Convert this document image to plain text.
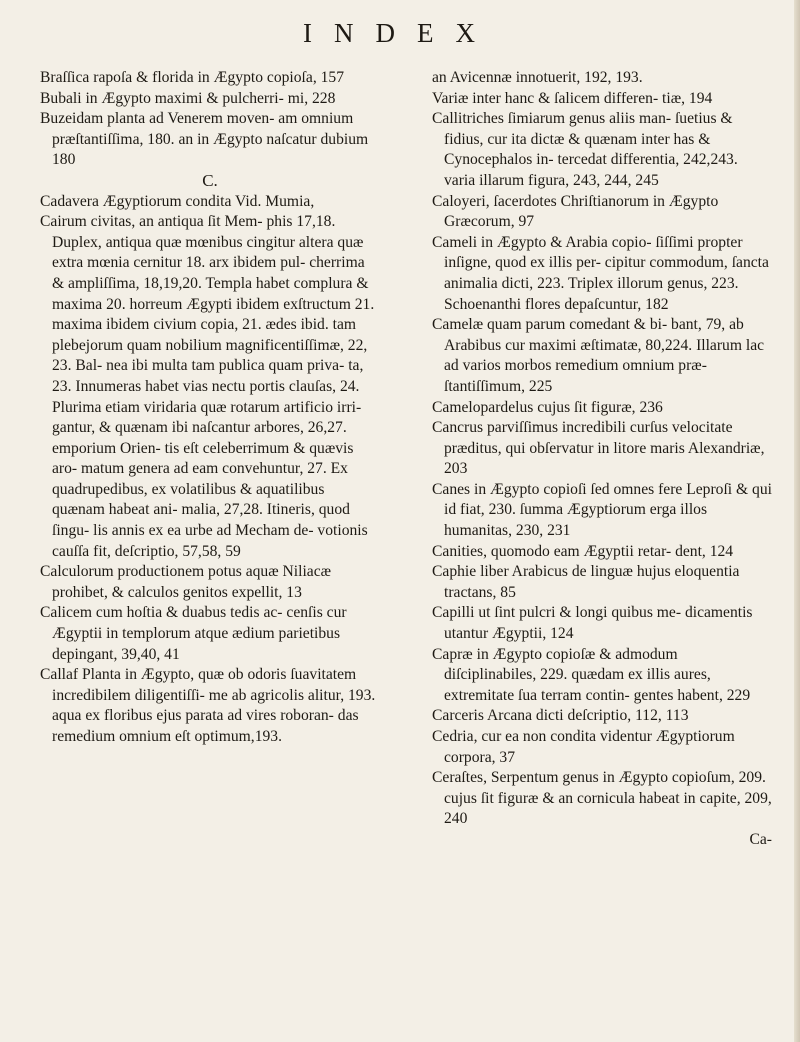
INDEX

Braſſica rapoſa & florida in Ægypto copioſa, 157

Bubali in Ægypto maximi & pulcherri- mi, 228

Buzeidam planta ad Venerem moven- am omnium præſtantiſſima, 180. an in Ægypto naſcatur dubium 180

C.

Cadavera Ægyptiorum condita Vid. Mumia,

Cairum civitas, an antiqua ſit Mem- phis 17,18. Duplex, antiqua quæ mœnibus cingitur altera quæ extra mœnia cernitur 18. arx ibidem pul- cherrima & ampliſſima, 18,19,20. Templa habet complura & maxima 20. horreum Ægypti ibidem exſtructum 21. maxima ibidem civium copia, 21. ædes ibid. tam plebejorum quam nobilium magnificentiſſimæ, 22, 23. Bal- nea ibi multa tam publica quam priva- ta, 23. Innumeras habet vias nectu portis clauſas, 24. Plurima etiam viridaria quæ rotarum artificio irri- gantur, & quænam ibi naſcantur arbores, 26,27. emporium Orien- tis eſt celeberrimum & quævis aro- matum genera ad eam convehuntur, 27. Ex quadrupedibus, ex volatilibus & aquatilibus quænam habeat ani- malia, 27,28. Itineris, quod ſingu- lis annis ex ea urbe ad Mecham de- votionis cauſſa fit, deſcriptio, 57,58, 59

Calculorum productionem potus aquæ Niliacæ prohibet, & calculos genitos expellit, 13

Calicem cum hoſtia & duabus tedis ac- cenſis cur Ægyptii in templorum atque ædium parietibus depingant, 39,40, 41

Callaf Planta in Ægypto, quæ ob odoris ſuavitatem incredibilem diligentiſſi- me ab agricolis alitur, 193. aqua ex floribus ejus parata ad vires roboran- das remedium omnium eſt optimum,193.

an Avicennæ innotuerit, 192, 193.

Variæ inter hanc & ſalicem differen- tiæ, 194

Callitriches ſimiarum genus aliis man- ſuetius & fidius, cur ita dictæ & quænam inter has & Cynocephalos in- tercedat differentia, 242,243. varia illarum figura, 243, 244, 245

Caloyeri, ſacerdotes Chriſtianorum in Ægypto Græcorum, 97

Cameli in Ægypto & Arabia copio- ſiſſimi propter inſigne, quod ex illis per- cipitur commodum, ſancta animalia dicti, 223. Triplex illorum genus, 223. Schoenanthi flores depaſcuntur, 182

Camelæ quam parum comedant & bi- bant, 79, ab Arabibus cur maximi æſtimatæ, 80,224. Illarum lac ad varios morbos remedium omnium præ- ſtantiſſimum, 225

Camelopardelus cujus ſit figuræ, 236

Cancrus parviſſimus incredibili curſus velocitate præditus, qui obſervatur in litore maris Alexandriæ, 203

Canes in Ægypto copioſi ſed omnes fere Leproſi & qui id fiat, 230. ſumma Ægyptiorum erga illos humanitas, 230, 231

Canities, quomodo eam Ægyptii retar- dent, 124

Caphie liber Arabicus de linguæ hujus eloquentia tractans, 85

Capilli ut ſint pulcri & longi quibus me- dicamentis utantur Ægyptii, 124

Capræ in Ægypto copioſæ & admodum diſciplinabiles, 229. quædam ex illis aures, extremitate ſua terram contin- gentes habent, 229

Carceris Arcana dicti deſcriptio, 112, 113

Cedria, cur ea non condita videntur Ægyptiorum corpora, 37

Ceraſtes, Serpentum genus in Ægypto copioſum, 209. cujus ſit figuræ & an cornicula habeat in capite, 209, 240

Ca-
